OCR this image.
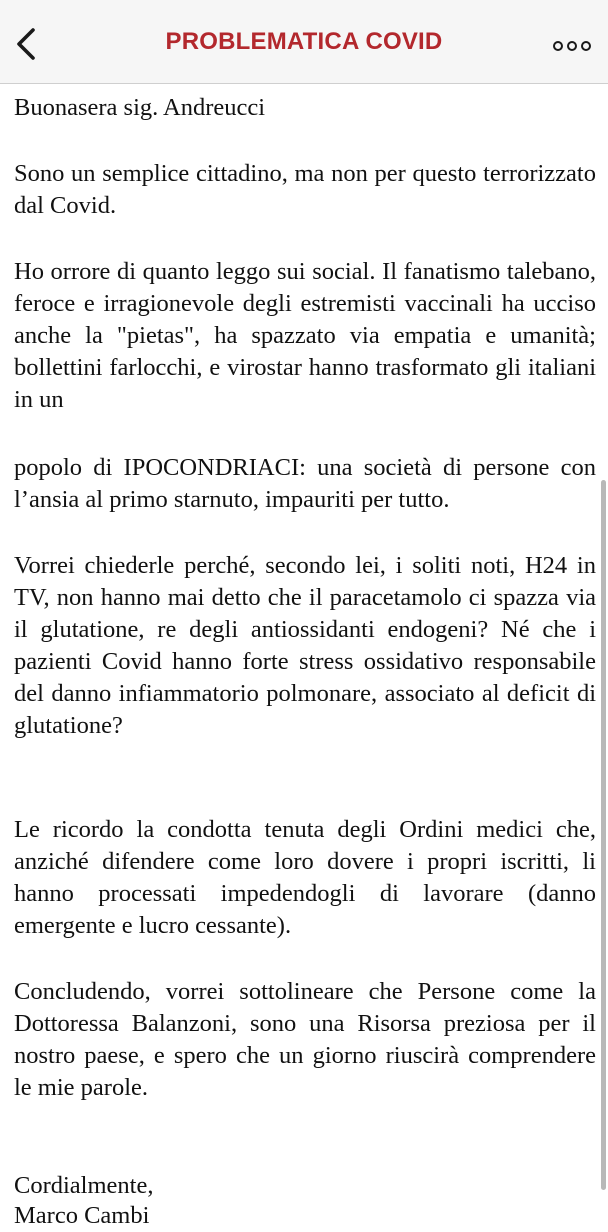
PROBLEMATICA COVID

Buonasera sig. Andreucci

Sono un semplice cittadino, ma non per questo terrorizzato dal Covid.

Ho orrore di quanto leggo sui social. Il fanatismo talebano, feroce e irragionevole degli estremisti vaccinali ha ucciso anche la "pietas", ha spazzato via empatia e umanità; bollettini farlocchi, e virostar hanno trasformato gli italiani in un

popolo di IPOCONDRIACI: una società di persone con l’ansia al primo starnuto, impauriti per tutto.

Vorrei chiederle perché, secondo lei, i soliti noti, H24 in TV, non hanno mai detto che il paracetamolo ci spazza via il glutatione, re degli antiossidanti endogeni? Né che i pazienti Covid hanno forte stress ossidativo responsabile del danno infiammatorio polmonare, associato al deficit di glutatione?

Le ricordo la condotta tenuta degli Ordini medici che, anziché difendere come loro dovere i propri iscritti, li hanno processati impedendogli di lavorare (danno emergente e lucro cessante).

Concludendo, vorrei sottolineare che Persone come la Dottoressa Balanzoni, sono una Risorsa preziosa per il nostro paese, e spero che un giorno riuscirà comprendere le mie parole.

Cordialmente,

Marco Cambi
